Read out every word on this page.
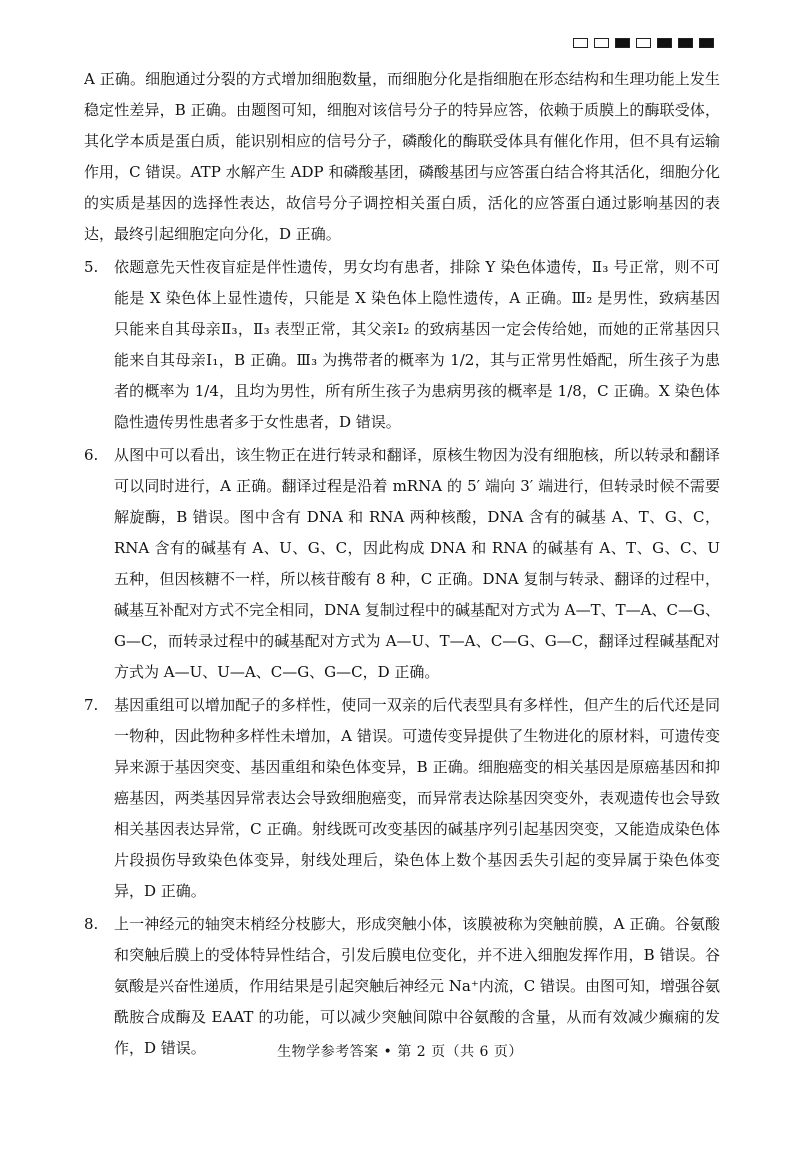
A 正确。细胞通过分裂的方式增加细胞数量，而细胞分化是指细胞在形态结构和生理功能上发生稳定性差异，B 正确。由题图可知，细胞对该信号分子的特异应答，依赖于质膜上的酶联受体，其化学本质是蛋白质，能识别相应的信号分子，磷酸化的酶联受体具有催化作用，但不具有运输作用，C 错误。ATP 水解产生 ADP 和磷酸基团，磷酸基团与应答蛋白结合将其活化，细胞分化的实质是基因的选择性表达，故信号分子调控相关蛋白质，活化的应答蛋白通过影响基因的表达，最终引起细胞定向分化，D 正确。

5. 依题意先天性夜盲症是伴性遗传，男女均有患者，排除 Y 染色体遗传，Ⅱ₃ 号正常，则不可能是 X 染色体上显性遗传，只能是 X 染色体上隐性遗传，A 正确。Ⅲ₂ 是男性，致病基因只能来自其母亲Ⅱ₃，Ⅱ₃ 表型正常，其父亲Ⅰ₂ 的致病基因一定会传给她，而她的正常基因只能来自其母亲Ⅰ₁，B 正确。Ⅲ₃ 为携带者的概率为 1/2，其与正常男性婚配，所生孩子为患者的概率为 1/4，且均为男性，所有所生孩子为患病男孩的概率是 1/8，C 正确。X 染色体隐性遗传男性患者多于女性患者，D 错误。
6. 从图中可以看出，该生物正在进行转录和翻译，原核生物因为没有细胞核，所以转录和翻译可以同时进行，A 正确。翻译过程是沿着 mRNA 的 5′ 端向 3′ 端进行，但转录时候不需要解旋酶，B 错误。图中含有 DNA 和 RNA 两种核酸，DNA 含有的碱基 A、T、G、C，RNA 含有的碱基有 A、U、G、C，因此构成 DNA 和 RNA 的碱基有 A、T、G、C、U 五种，但因核糖不一样，所以核苷酸有 8 种，C 正确。DNA 复制与转录、翻译的过程中，碱基互补配对方式不完全相同，DNA 复制过程中的碱基配对方式为 A—T、T—A、C—G、G—C，而转录过程中的碱基配对方式为 A—U、T—A、C—G、G—C，翻译过程碱基配对方式为 A—U、U—A、C—G、G—C，D 正确。
7. 基因重组可以增加配子的多样性，使同一双亲的后代表型具有多样性，但产生的后代还是同一物种，因此物种多样性未增加，A 错误。可遗传变异提供了生物进化的原材料，可遗传变异来源于基因突变、基因重组和染色体变异，B 正确。细胞癌变的相关基因是原癌基因和抑癌基因，两类基因异常表达会导致细胞癌变，而异常表达除基因突变外，表观遗传也会导致相关基因表达异常，C 正确。射线既可改变基因的碱基序列引起基因突变，又能造成染色体片段损伤导致染色体变异，射线处理后，染色体上数个基因丢失引起的变异属于染色体变异，D 正确。
8. 上一神经元的轴突末梢经分枝膨大，形成突触小体，该膜被称为突触前膜，A 正确。谷氨酸和突触后膜上的受体特异性结合，引发后膜电位变化，并不进入细胞发挥作用，B 错误。谷氨酸是兴奋性递质，作用结果是引起突触后神经元 Na⁺内流，C 错误。由图可知，增强谷氨酰胺合成酶及 EAAT 的功能，可以减少突触间隙中谷氨酸的含量，从而有效减少癫痫的发作，D 错误。	生物学参考答案 • 第 2 页（共 6 页）
